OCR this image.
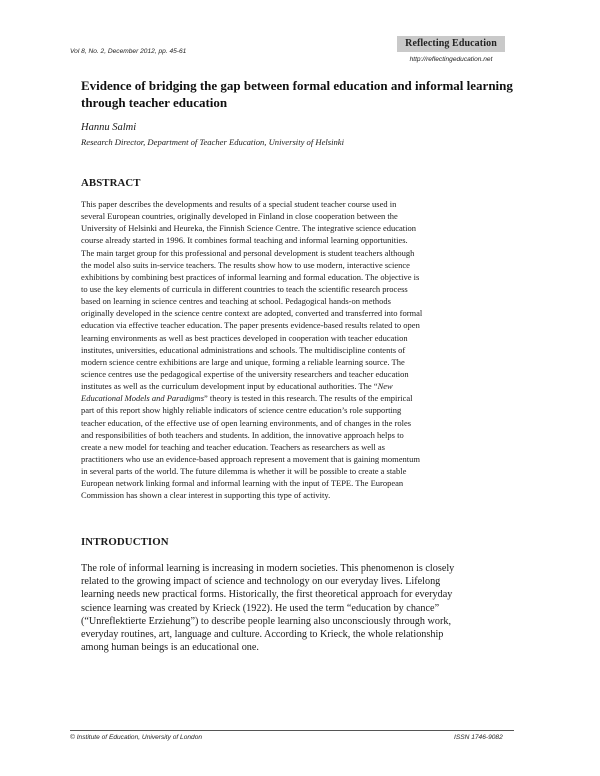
Vol 8, No. 2, December 2012, pp. 45-61
Reflecting Education
http://reflectingeducation.net
Evidence of bridging the gap between formal education and informal learning through teacher education
Hannu Salmi
Research Director, Department of Teacher Education, University of Helsinki
ABSTRACT
This paper describes the developments and results of a special student teacher course used in
several European countries, originally developed in Finland in close cooperation between the
University of Helsinki and Heureka, the Finnish Science Centre. The integrative science education
course already started in 1996. It combines formal teaching and informal learning opportunities.
The main target group for this professional and personal development is student teachers although
the model also suits in-service teachers. The results show how to use modern, interactive science
exhibitions by combining best practices of informal learning and formal education. The objective is
to use the key elements of curricula in different countries to teach the scientific research process
based on learning in science centres and teaching at school. Pedagogical hands-on methods
originally developed in the science centre context are adopted, converted and transferred into formal
education via effective teacher education. The paper presents evidence-based results related to open
learning environments as well as best practices developed in cooperation with teacher education
institutes, universities, educational administrations and schools. The multidiscipline contents of
modern science centre exhibitions are large and unique, forming a reliable learning source. The
science centres use the pedagogical expertise of the university researchers and teacher education
institutes as well as the curriculum development input by educational authorities. The “New
Educational Models and Paradigms” theory is tested in this research. The results of the empirical
part of this report show highly reliable indicators of science centre education’s role supporting
teacher education, of the effective use of open learning environments, and of changes in the roles
and responsibilities of both teachers and students. In addition, the innovative approach helps to
create a new model for teaching and teacher education. Teachers as researchers as well as
practitioners who use an evidence-based approach represent a movement that is gaining momentum
in several parts of the world. The future dilemma is whether it will be possible to create a stable
European network linking formal and informal learning with the input of TEPE. The European
Commission has shown a clear interest in supporting this type of activity.
INTRODUCTION
The role of informal learning is increasing in modern societies. This phenomenon is closely
related to the growing impact of science and technology on our everyday lives. Lifelong
learning needs new practical forms. Historically, the first theoretical approach for everyday
science learning was created by Krieck (1922). He used the term “education by chance”
(“Unreflektierte Erziehung”) to describe people learning also unconsciously through work,
everyday routines, art, language and culture. According to Krieck, the whole relationship
among human beings is an educational one.
© Institute of Education, University of London	ISSN 1746-9082
